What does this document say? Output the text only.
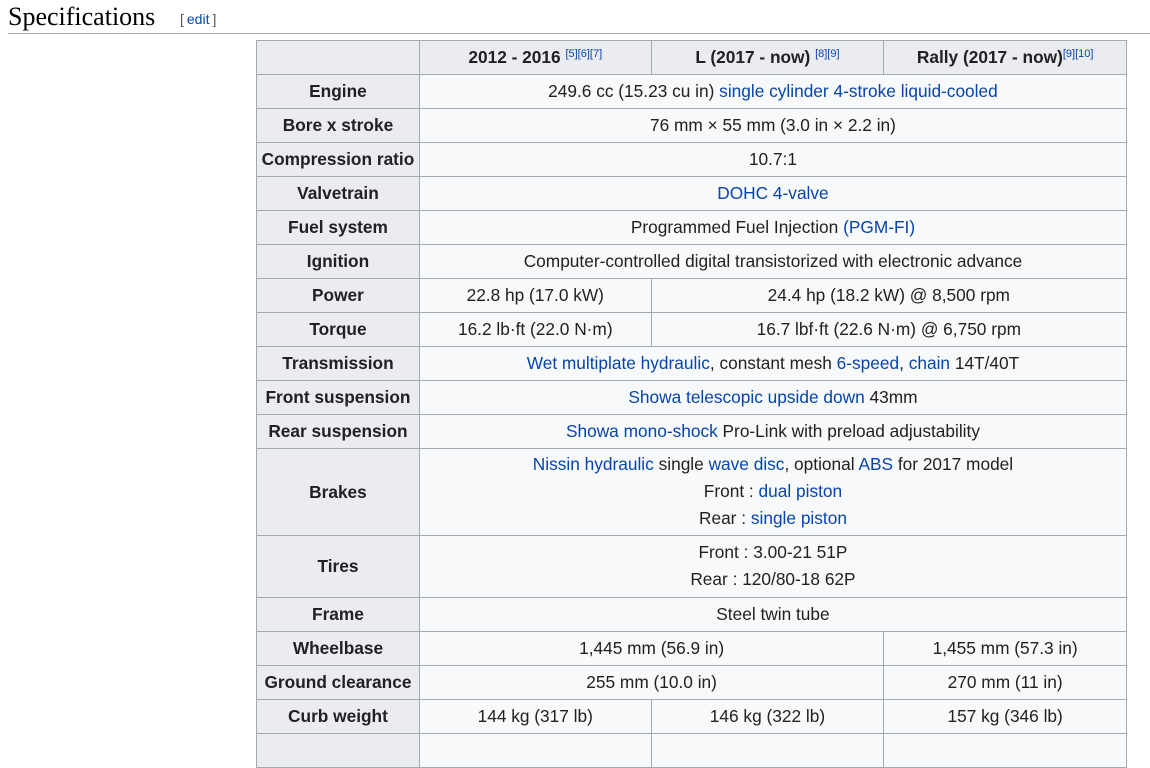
Specifications [ edit ]
	2012 - 2016 [5][6][7]	L (2017 - now) [8][9]	Rally (2017 - now)[9][10]
Engine	249.6 cc (15.23 cu in) single cylinder 4-stroke liquid-cooled		
Bore x stroke	76 mm × 55 mm (3.0 in × 2.2 in)		
Compression ratio	10.7:1		
Valvetrain	DOHC 4-valve		
Fuel system	Programmed Fuel Injection (PGM-FI)		
Ignition	Computer-controlled digital transistorized with electronic advance		
Power	22.8 hp (17.0 kW)	24.4 hp (18.2 kW) @ 8,500 rpm	
Torque	16.2 lb·ft (22.0 N·m)	16.7 lbf·ft (22.6 N·m) @ 6,750 rpm	
Transmission	Wet multiplate hydraulic, constant mesh 6-speed, chain 14T/40T		
Front suspension	Showa telescopic upside down 43mm		
Rear suspension	Showa mono-shock Pro-Link with preload adjustability		
Brakes	Nissin hydraulic single wave disc, optional ABS for 2017 model
Front : dual piston
Rear : single piston		

Tires	Front : 3.00-21 51P
Rear : 120/80-18 62P		

Frame	Steel twin tube		
Wheelbase	1,445 mm (56.9 in)		1,455 mm (57.3 in)
Ground clearance	255 mm (10.0 in)		270 mm (11 in)
Curb weight	144 kg (317 lb)	146 kg (322 lb)	157 kg (346 lb)
